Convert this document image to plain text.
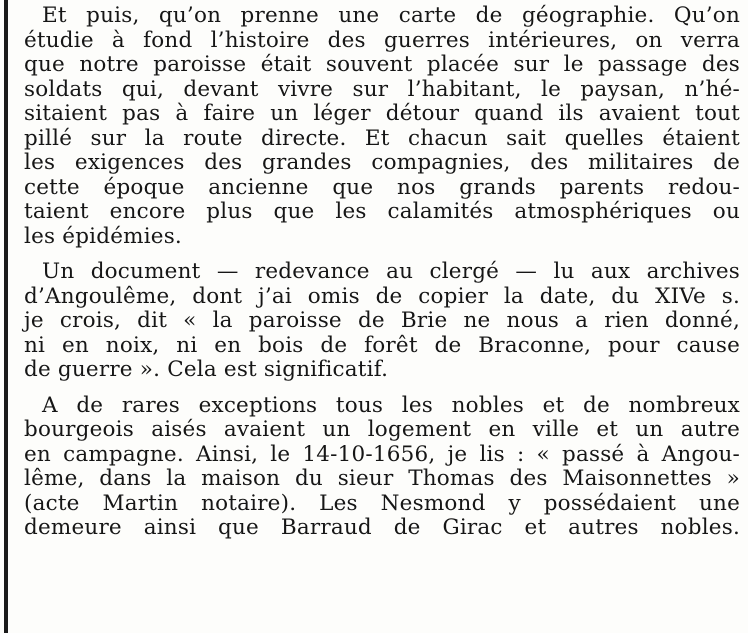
Et puis, qu’on prenne une carte de géographie. Qu’on
étudie à fond l’histoire des guerres intérieures, on verra
que notre paroisse était souvent placée sur le passage des
soldats qui, devant vivre sur l’habitant, le paysan, n’hé-
sitaient pas à faire un léger détour quand ils avaient tout
pillé sur la route directe. Et chacun sait quelles étaient
les exigences des grandes compagnies, des militaires de
cette époque ancienne que nos grands parents redou-
taient encore plus que les calamités atmosphériques ou
les épidémies.

Un document — redevance au clergé — lu aux archives
d’Angoulême, dont j’ai omis de copier la date, du XIVe s.
je crois, dit « la paroisse de Brie ne nous a rien donné,
ni en noix, ni en bois de forêt de Braconne, pour cause
de guerre ». Cela est significatif.

A de rares exceptions tous les nobles et de nombreux
bourgeois aisés avaient un logement en ville et un autre
en campagne. Ainsi, le 14-10-1656, je lis : « passé à Angou-
lême, dans la maison du sieur Thomas des Maisonnettes »
(acte Martin notaire). Les Nesmond y possédaient une
demeure ainsi que Barraud de Girac et autres nobles.
